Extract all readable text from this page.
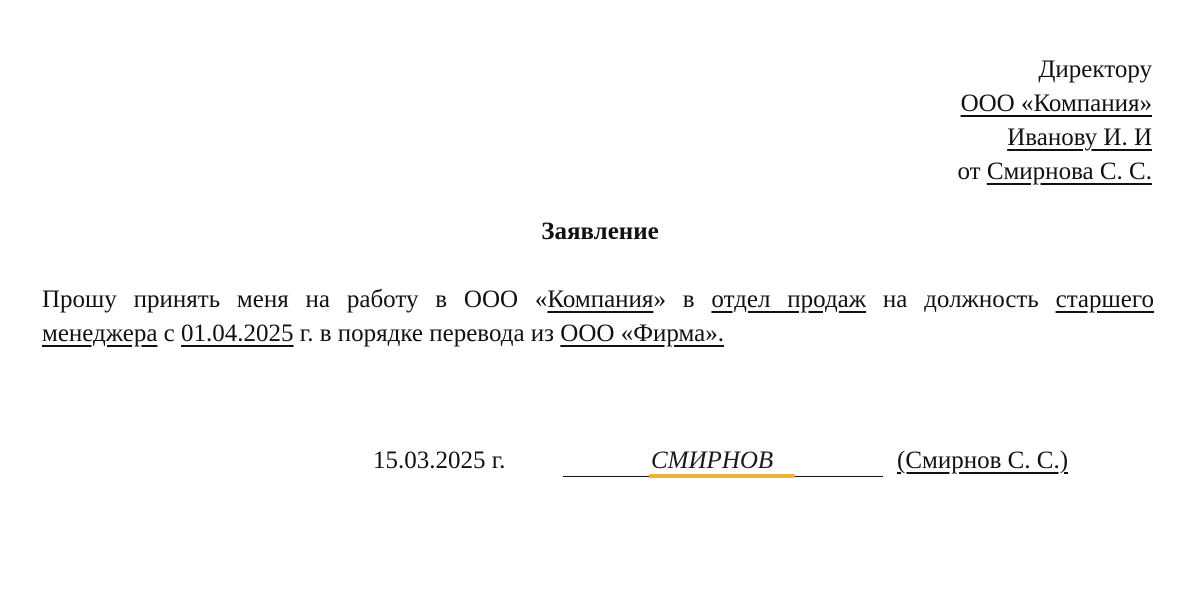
Директору
ООО «Компания»
Иванову И. И
от Смирнова С. С.
Заявление
Прошу принять меня на работу в ООО «Компания» в отдел продаж на должность старшего
менеджера с 01.04.2025 г. в порядке перевода из ООО «Фирма».
15.03.2025 г.	СМИРНОВ	(Смирнов С. С.)
